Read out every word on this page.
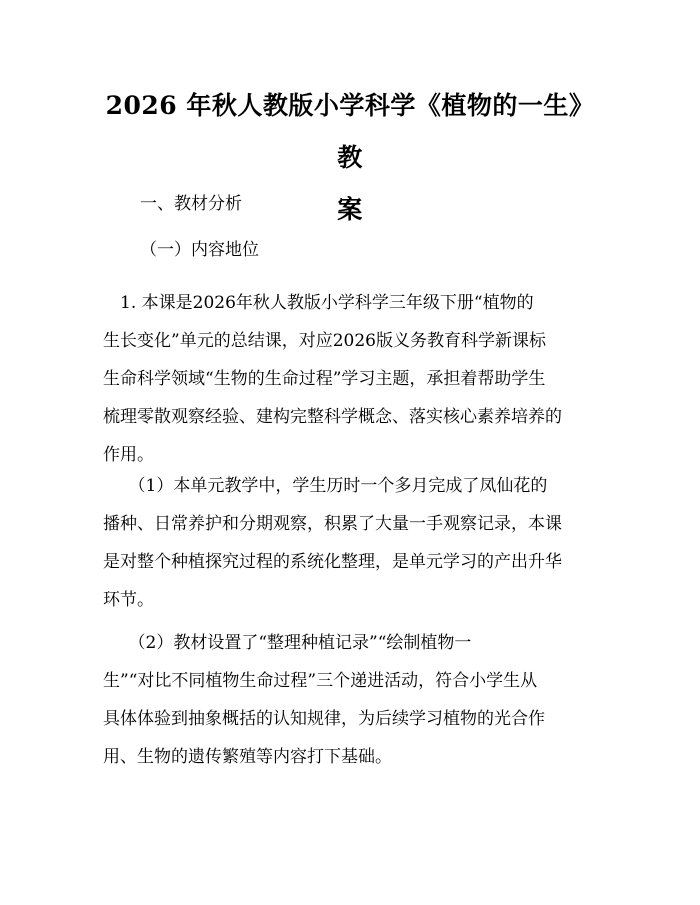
2026 年秋人教版小学科学《植物的一生》教
案
一、教材分析
（一）内容地位
　1. 本课是2026年秋人教版小学科学三年级下册“植物的
生长变化”单元的总结课，对应2026版义务教育科学新课标
生命科学领域“生物的生命过程”学习主题，承担着帮助学生
梳理零散观察经验、建构完整科学概念、落实核心素养培养的
作用。
　　（1）本单元教学中，学生历时一个多月完成了凤仙花的
播种、日常养护和分期观察，积累了大量一手观察记录，本课
是对整个种植探究过程的系统化整理，是单元学习的产出升华
环节。
　　（2）教材设置了“整理种植记录”“绘制植物一
生”“对比不同植物生命过程”三个递进活动，符合小学生从
具体体验到抽象概括的认知规律，为后续学习植物的光合作
用、生物的遗传繁殖等内容打下基础。
